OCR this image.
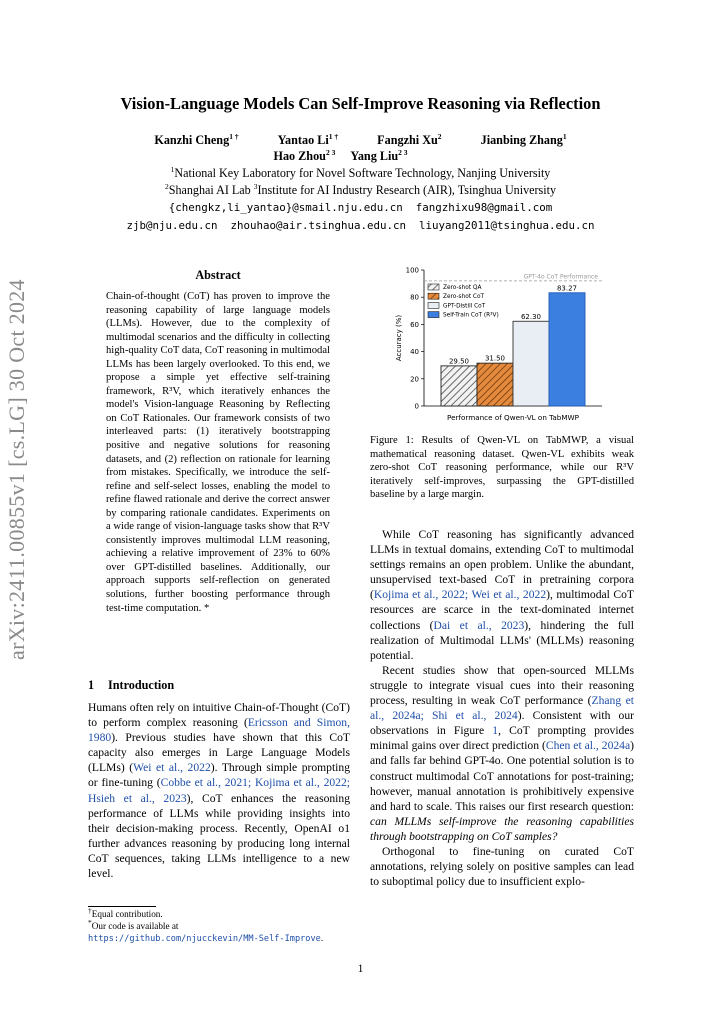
Vision-Language Models Can Self-Improve Reasoning via Reflection
Kanzhi Cheng$^{1 \dagger}$	Yantao $Li^{1 \dagger}$	Fangzhi Xu$^2$	Jianbing Zhang$^1$
Hao Zhou$^{2 3}$ Yang Liu$^{2 3}$
$^1$National Key Laboratory for Novel Software Technology, Nanjing University
$^2$Shanghai AI Lab $^3$Institute for AI Industry Research (AIR), Tsinghua University
{chengkz,li_yantao}@smail.nju.edu.cn  fangzhixu98@gmail.com
zjb@nju.edu.cn  zhouhao@air.tsinghua.edu.cn  liuyang2011@tsinghua.edu.cn
arXiv:2411.00855v1 [cs.LG] 30 Oct 2024
Abstract
Chain-of-thought (CoT) has proven to improve the reasoning capability of large language models (LLMs). However, due to the complexity of multimodal scenarios and the difficulty in collecting high-quality CoT data, CoT reasoning in multimodal LLMs has been largely overlooked. To this end, we propose a simple yet effective self-training framework, R³V, which iteratively enhances the model's Vision-language Reasoning by Reflecting on CoT Rationales. Our framework consists of two interleaved parts: (1) iteratively bootstrapping positive and negative solutions for reasoning datasets, and (2) reflection on rationale for learning from mistakes. Specifically, we introduce the self-refine and self-select losses, enabling the model to refine flawed rationale and derive the correct answer by comparing rationale candidates. Experiments on a wide range of vision-language tasks show that R³V consistently improves multimodal LLM reasoning, achieving a relative improvement of 23% to 60% over GPT-distilled baselines. Additionally, our approach supports self-reflection on generated solutions, further boosting performance through test-time computation. *
1 Introduction

Humans often rely on intuitive Chain-of-Thought (CoT) to perform complex reasoning (Ericsson and Simon, 1980). Previous studies have shown that this CoT capacity also emerges in Large Language Models (LLMs) (Wei et al., 2022). Through simple prompting or fine-tuning (Cobbe et al., 2021; Kojima et al., 2022; Hsieh et al., 2023), CoT enhances the reasoning performance of LLMs while providing insights into their decision-making process. Recently, OpenAI o1 further advances reasoning by producing long internal CoT sequences, taking LLMs intelligence to a new level.

†Equal contribution.
*Our code is available at https://github.com/njucckevin/MM-Self-Improve.
0
20
40
60
80
100
Accuracy (%)
Performance of Qwen-VL on TabMWP
GPT-4o CoT Performance
29.50 31.50
62.30
83.27
Zero-shot QA
Zero-shot CoT
GPT-Distill CoT
Self-Train CoT (R³V)
Figure 1: Results of Qwen-VL on TabMWP, a visual mathematical reasoning dataset. Qwen-VL exhibits weak zero-shot CoT reasoning performance, while our R³V iteratively self-improves, surpassing the GPT-distilled baseline by a large margin.

While CoT reasoning has significantly advanced LLMs in textual domains, extending CoT to multimodal settings remains an open problem. Unlike the abundant, unsupervised text-based CoT in pretraining corpora (Kojima et al., 2022; Wei et al., 2022), multimodal CoT resources are scarce in the text-dominated internet collections (Dai et al., 2023), hindering the full realization of Multimodal LLMs' (MLLMs) reasoning potential.

Recent studies show that open-sourced MLLMs struggle to integrate visual cues into their reasoning process, resulting in weak CoT performance (Zhang et al., 2024a; Shi et al., 2024). Consistent with our observations in Figure 1, CoT prompting provides minimal gains over direct prediction (Chen et al., 2024a) and falls far behind GPT-4o. One potential solution is to construct multimodal CoT annotations for post-training; however, manual annotation is prohibitively expensive and hard to scale. This raises our first research question: can MLLMs self-improve the reasoning capabilities through bootstrapping on CoT samples?

Orthogonal to fine-tuning on curated CoT annotations, relying solely on positive samples can lead to suboptimal policy due to insufficient explo-

1
